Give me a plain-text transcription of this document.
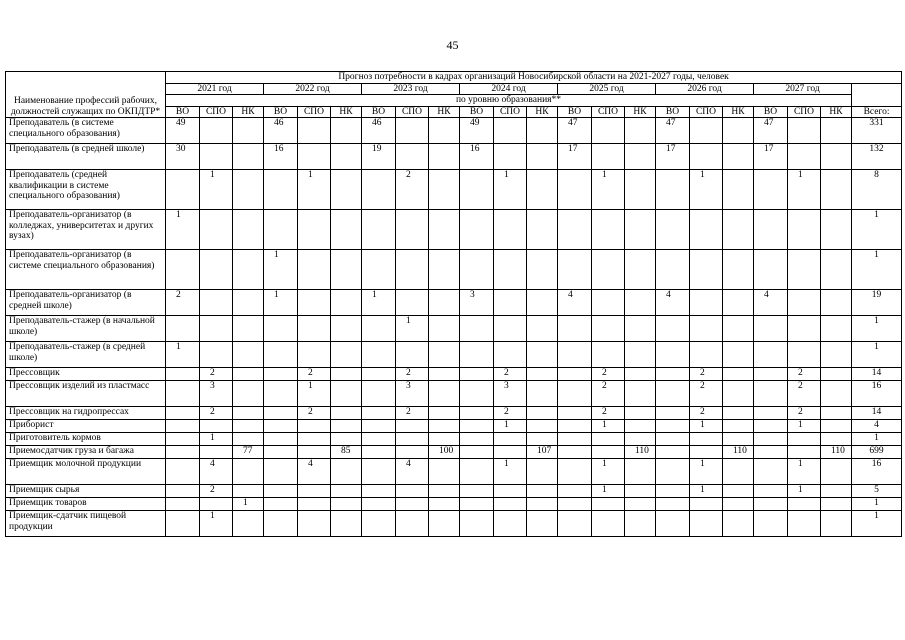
45
Наименование профессий рабочих, должностей служащих по ОКПДТР*	Прогноз потребности в кадрах организаций Новосибирской области на 2021-2027 годы, человек																					
	2021 год			2022 год			2023 год			2024 год			2025 год			2026 год			2027 год			
	по уровню образования**																					
	ВО	СПО	НК	ВО	СПО	НК	ВО	СПО	НК	ВО	СПО	НК	ВО	СПО	НК	ВО	СПО	НК	ВО	СПО	НК	Всего:
Преподаватель (в системе специального образования)	49			46			46			49			47			47			47			331
Преподаватель (в средней школе)	30			16			19			16			17			17			17			132
Преподаватель (средней квалификации в системе специального образования)		1			1			2			1			1			1			1		8
Преподаватель-организатор (в колледжах, университетах и других вузах)	1																					1
Преподаватель-организатор (в системе специального образования)				1																		1
Преподаватель-организатор (в средней школе)	2			1			1			3			4			4			4			19
Преподаватель-стажер (в начальной школе)								1														1
Преподаватель-стажер (в средней школе)	1																					1
Прессовщик		2			2			2			2			2			2			2		14
Прессовщик изделий из пластмасс		3			1			3			3			2			2			2		16
Прессовщик на гидропрессах		2			2			2			2			2			2			2		14
Приборист											1			1			1			1		4
Приготовитель кормов		1																				1
Приемосдатчик груза и багажа			77			85			100			107			110			110			110	699
Приемщик молочной продукции		4			4			4			1			1			1			1		16
Приемщик сырья		2												1			1			1		5
Приемщик товаров			1																			1
Приемщик-сдатчик пищевой продукции		1																				1
